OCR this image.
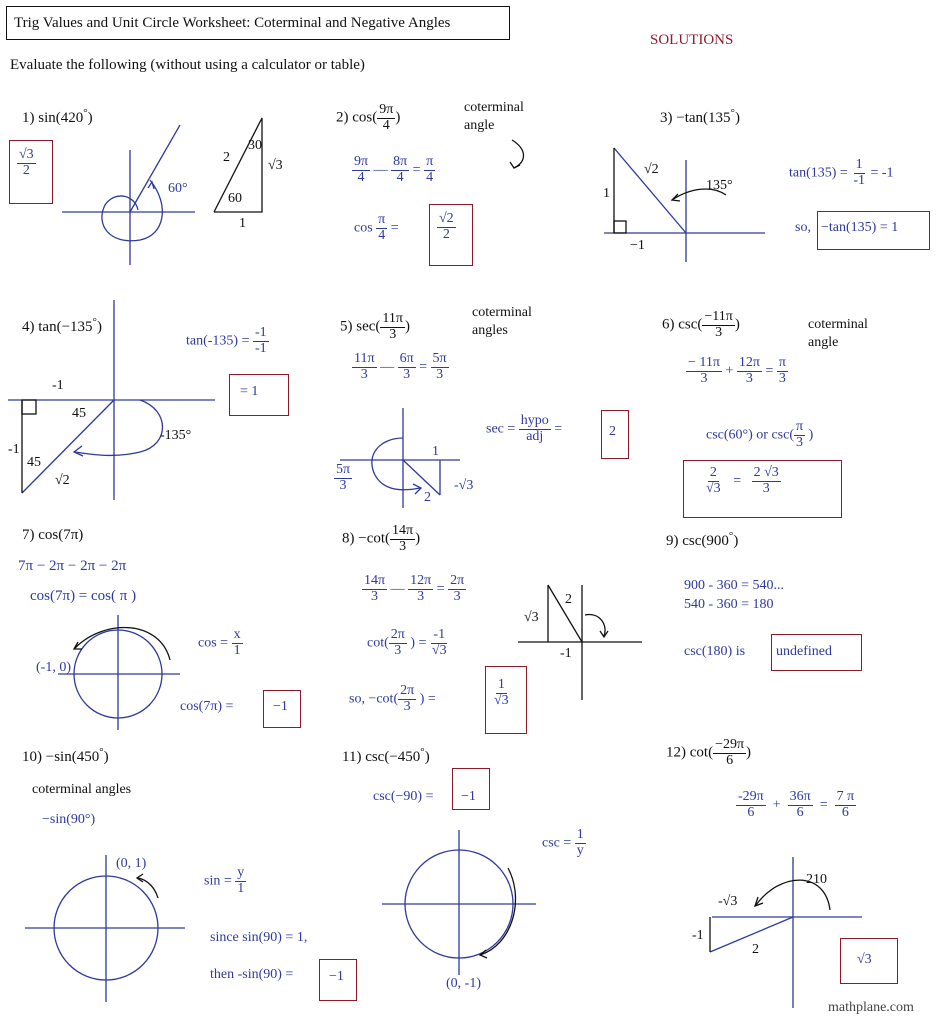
Trig Values and Unit Circle Worksheet: Coterminal and Negative Angles
SOLUTIONS
Evaluate the following (without using a calculator or table)
1) sin(420°)
$\frac{√3}{2}$
60°
2
30
60
√3
1
2) $\cos( \frac{9\pi}{4}$ )
coterminal
angle
$\frac{9\pi}{4}$ — $\frac{8\pi}{4} = \frac{\pi}{4}$
$\cos \frac{\pi}{4}$ =	$\frac{√2}{2}$
3) −tan(135°)
√2
1
−1
135°
$\tan(135) = \frac{1}{-1} = -1$
so, −tan(135) = 1
4) tan(−135°)
$\tan(-135) = \frac{-1}{-1}$
= 1
-1
45
45
-1
√2
-135°
5) $\sec( \frac{11\pi}{3}$ )
coterminal
angles
$\frac{11\pi}{3}$ — $\frac{6\pi}{3} = \frac{5\pi}{3}$
$\sec = \frac{\text{hypo}}{\text{adj}}$ =	2
$\frac{5\pi}{3}$
1
2
-√3
6) $\csc( \frac{-11\pi}{3}$ )	coterminal
angle
$\frac{- 11\pi}{3} + \frac{12\pi}{3} = \frac{\pi}{3}$
csc(60°) or $\csc( \frac{\pi}{3}$ )
$\frac{2}{√3} = \frac{2 √3}{3}$
7) cos(7π)
7π − 2π − 2π − 2π
cos(7π) = cos( π )
(-1, 0)
$\cos = \frac{x}{1}$
cos(7π) =	−1
$8) -\cot( \frac{14\pi}{3}$ )
$\frac{14\pi}{3}$ — $\frac{12\pi}{3} = \frac{2\pi}{3}$
$\cot( \frac{2\pi}{3}$ ) = $\frac{-1}{√3}$
so, $-\cot( \frac{2\pi}{3}$ ) =	$\frac{1}{√3}$
√3
2
-1
9) csc(900°)
900 - 360 = 540...
540 - 360 = 180
csc(180) is undefined
10) −sin(450°)
coterminal angles
−sin(90°)
(0, 1)
$\sin = \frac{y}{1}$
since sin(90) = 1,
then -sin(90) =	−1
11) csc(−450°)
csc(−90) = −1
$\csc = \frac{1}{y}$
(0, -1)
12) $\cot( \frac{-29\pi}{6}$ )
$\frac{-29\pi}{6} + \frac{36\pi}{6} = \frac{7 \pi}{6}$
210
-√3
-1
2
√3
mathplane.com
